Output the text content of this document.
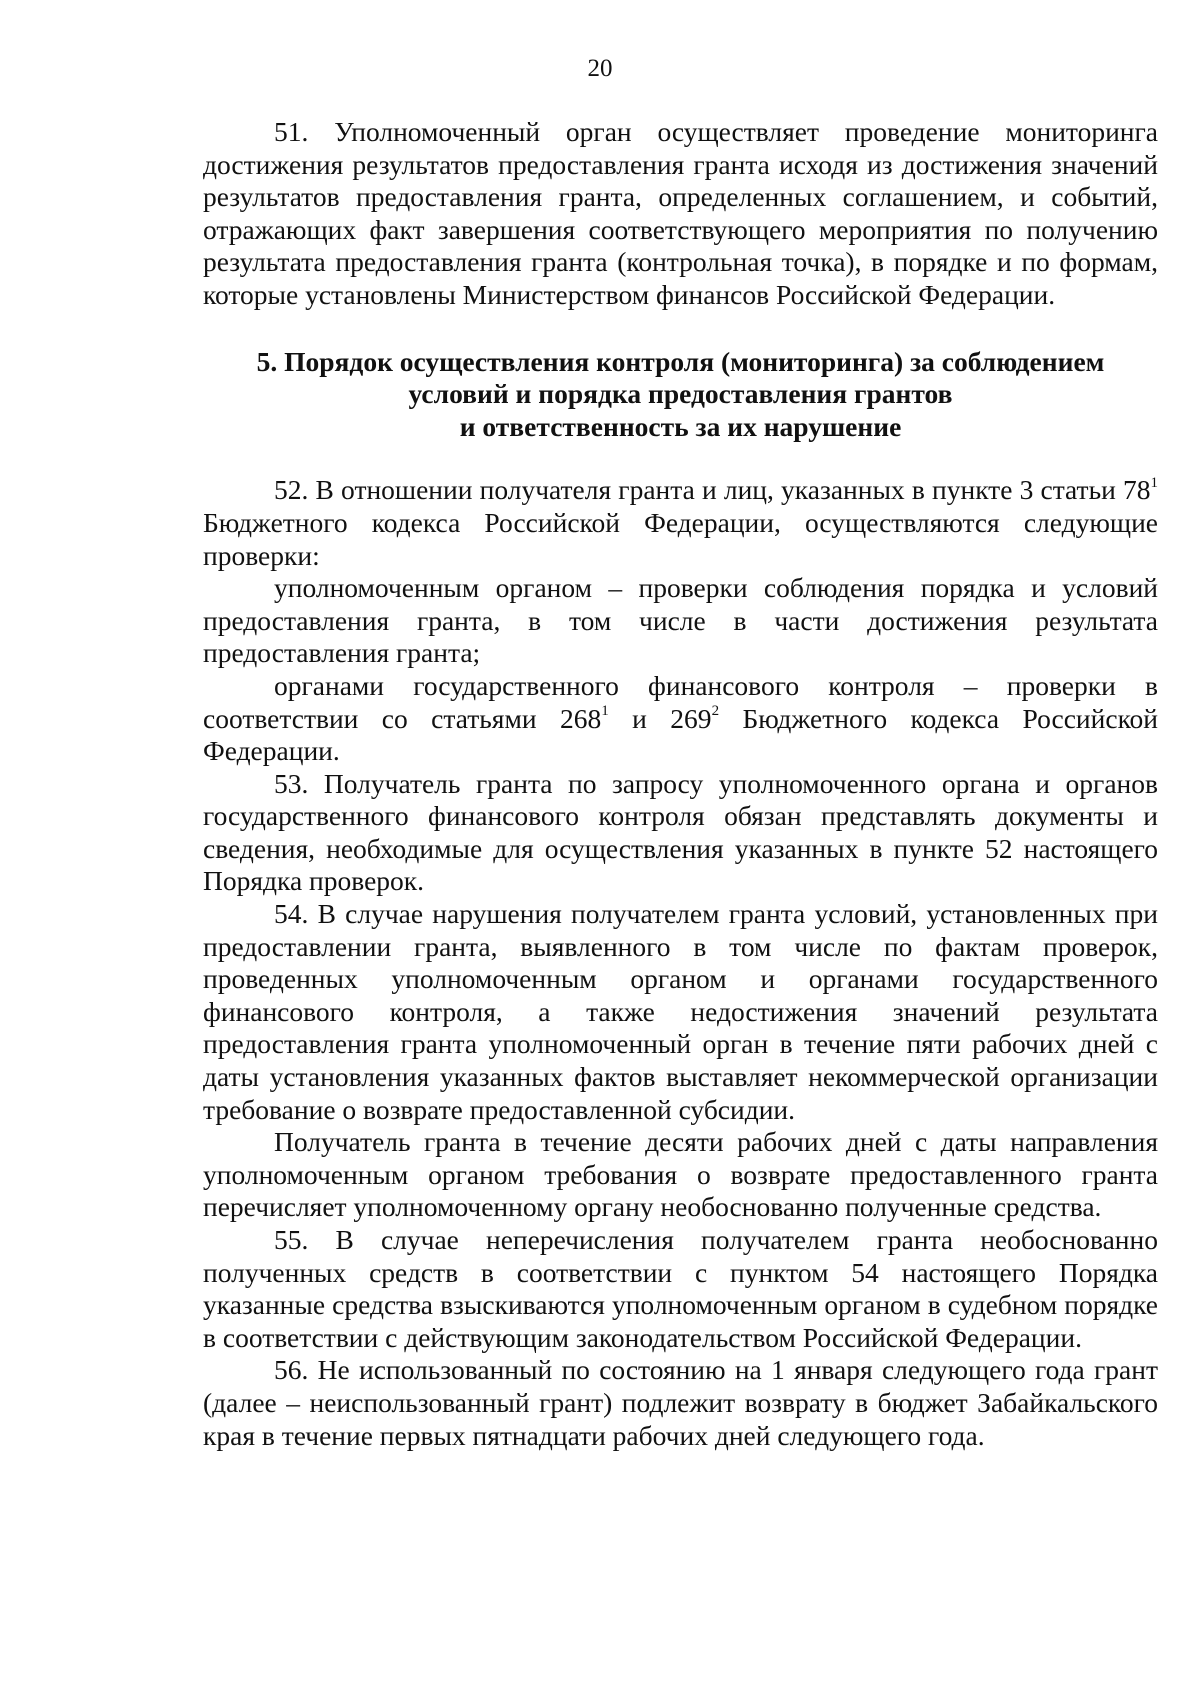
20

51. Уполномоченный орган осуществляет проведение мониторинга достижения результатов предоставления гранта исходя из достижения значений результатов предоставления гранта, определенных соглашением, и событий, отражающих факт завершения соответствующего мероприятия по получению результата предоставления гранта (контрольная точка), в порядке и по формам, которые установлены Министерством финансов Российской Федерации.

5. Порядок осуществления контроля (мониторинга) за соблюдением
условий и порядка предоставления грантов
и ответственность за их нарушение

52. В отношении получателя гранта и лиц, указанных в пункте 3 статьи $78^1$ Бюджетного кодекса Российской Федерации, осуществляются следующие проверки:

уполномоченным органом – проверки соблюдения порядка и условий предоставления гранта, в том числе в части достижения результата предоставления гранта;

органами государственного финансового контроля – проверки в соответствии со статьями $268^1$ и $269^2$ Бюджетного кодекса Российской Федерации.

53. Получатель гранта по запросу уполномоченного органа и органов государственного финансового контроля обязан представлять документы и сведения, необходимые для осуществления указанных в пункте 52 настоящего Порядка проверок.

54. В случае нарушения получателем гранта условий, установленных при предоставлении гранта, выявленного в том числе по фактам проверок, проведенных уполномоченным органом и органами государственного финансового контроля, а также недостижения значений результата предоставления гранта уполномоченный орган в течение пяти рабочих дней с даты установления указанных фактов выставляет некоммерческой организации требование о возврате предоставленной субсидии.

Получатель гранта в течение десяти рабочих дней с даты направления уполномоченным органом требования о возврате предоставленного гранта перечисляет уполномоченному органу необоснованно полученные средства.

55. В случае неперечисления получателем гранта необоснованно полученных средств в соответствии с пунктом 54 настоящего Порядка указанные средства взыскиваются уполномоченным органом в судебном порядке в соответствии с действующим законодательством Российской Федерации.

56. Не использованный по состоянию на 1 января следующего года грант (далее – неиспользованный грант) подлежит возврату в бюджет Забайкальского края в течение первых пятнадцати рабочих дней следующего года.
